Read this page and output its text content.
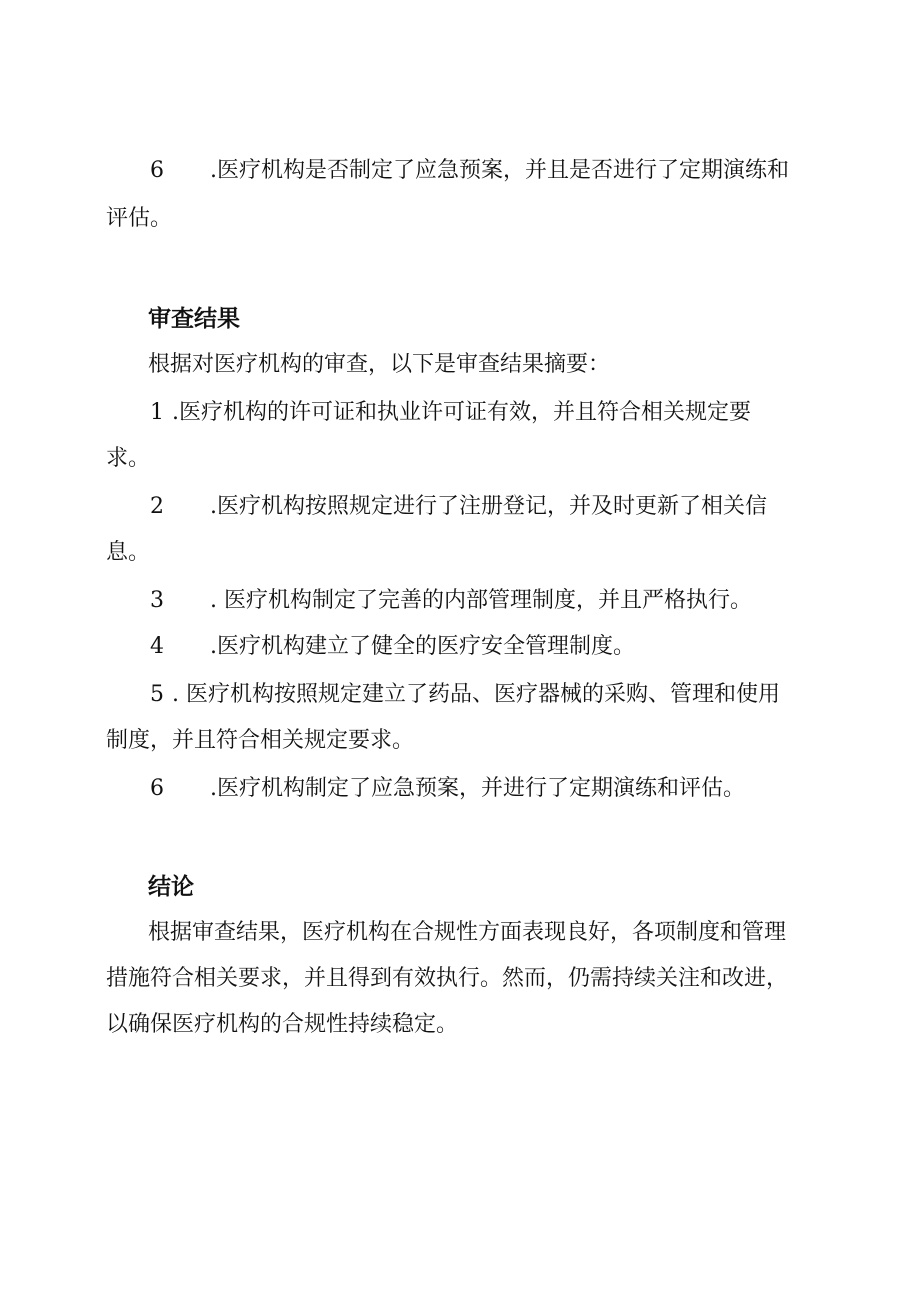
6 .医疗机构是否制定了应急预案，并且是否进行了定期演练和
评估。
审查结果

根据对医疗机构的审查，以下是审查结果摘要：

1 .医疗机构的许可证和执业许可证有效，并且符合相关规定要
求。
2 .医疗机构按照规定进行了注册登记，并及时更新了相关信
息。
3 . 医疗机构制定了完善的内部管理制度，并且严格执行。
4 .医疗机构建立了健全的医疗安全管理制度。
5 . 医疗机构按照规定建立了药品、医疗器械的采购、管理和使用
制度，并且符合相关规定要求。
6 .医疗机构制定了应急预案，并进行了定期演练和评估。
结论

根据审查结果，医疗机构在合规性方面表现良好，各项制度和管理

措施符合相关要求，并且得到有效执行。然而，仍需持续关注和改进，

以确保医疗机构的合规性持续稳定。
